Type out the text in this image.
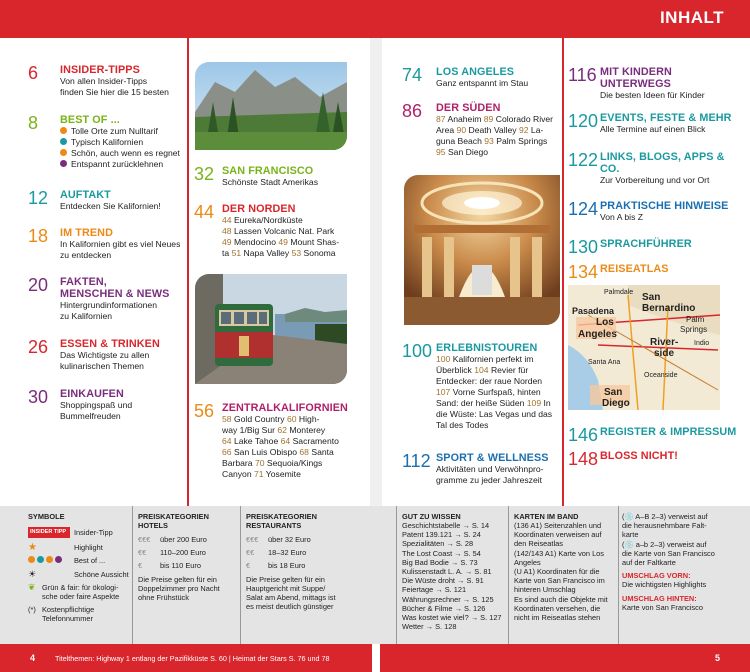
INHALT
6	INSIDER-TIPPS
Von allen Insider-Tipps
finden Sie hier die 15 besten
8	BEST OF ...
Tolle Orte zum Nulltarif
Typisch Kalifornien
Schön, auch wenn es regnet
Entspannt zurücklehnen
12	AUFTAKT
Entdecken Sie Kalifornien!
18	IM TREND
In Kalifornien gibt es viel Neues
zu entdecken
20	FAKTEN,
MENSCHEN & NEWS
Hintergrundinformationen
zu Kalifornien
26	ESSEN & TRINKEN
Das Wichtigste zu allen
kulinarischen Themen
30	EINKAUFEN
Shoppingspaß und
Bummelfreuden
32 SAN FRANCISCO
Schönste Stadt Amerikas
44 DER NORDEN
44 Eureka/Nordküste
48 Lassen Volcanic Nat. Park
49 Mendocino 49 Mount Shas-
ta 51 Napa Valley 53 Sonoma
56 ZENTRALKALIFORNIEN
58 Gold Country 60 High-
way 1/Big Sur 62 Monterey
64 Lake Tahoe 64 Sacramento
66 San Luis Obispo 68 Santa
Barbara 70 Sequoia/Kings
Canyon 71 Yosemite
74	LOS ANGELES
Ganz entspannt im Stau
86	DER SÜDEN
87 Anaheim 89 Colorado River
Area 90 Death Valley 92 La-
guna Beach 93 Palm Springs
95 San Diego
100 ERLEBNISTOUREN
100 Kalifornien perfekt im
Überblick 104 Revier für
Entdecker: der raue Norden
107 Vorne Surfspaß, hinten
Sand: der heiße Süden 109 In
die Wüste: Las Vegas und das
Tal des Todes
112 SPORT & WELLNESS
Aktivitäten und Verwöhnpro-
gramme zu jeder Jahreszeit
116 MIT KINDERN
UNTERWEGS
Die besten Ideen für Kinder
120 EVENTS, FESTE & MEHR
Alle Termine auf einen Blick
122 LINKS, BLOGS, APPS &
CO.
Zur Vorbereitung und vor Ort
124 PRAKTISCHE HINWEISE
Von A bis Z
130 SPRACHFÜHRER
134 REISEATLAS
146 REGISTER & IMPRESSUM
148 BLOSS NICHT!
Palmdale San
Bernardino
Pasadena
Los
Angeles
Palm
Springs
Indio
River-
side
Santa Ana
Oceanside
San
Diego
SYMBOLE
INSIDER TIPP	Insider-Tipp
★	Highlight
Best of ...
☀	Schöne Aussicht
❦ Grün & fair: für ökologi-
sche oder faire Aspekte
(*) Kostenpflichtige
Telefonnummer
PREISKATEGORIEN
HOTELS
€€€	über 200 Euro
€€	110–200 Euro
€	bis 110 Euro
Die Preise gelten für ein
Doppelzimmer pro Nacht
ohne Frühstück
PREISKATEGORIEN
RESTAURANTS
€€€	über 32 Euro
€€	18–32 Euro
€	bis 18 Euro
Die Preise gelten für ein
Hauptgericht mit Suppe/
Salat am Abend, mittags ist
es meist deutlich günstiger
GUT ZU WISSEN
Geschichtstabelle → S. 14
Patent 139.121 → S. 24
Spezialitäten → S. 28
The Lost Coast → S. 54
Big Bad Bodie → S. 73
Kulissenstadt L. A. → S. 81
Die Wüste droht → S. 91
Feiertage → S. 121
Währungsrechner → S. 125
Bücher & Filme → S. 126
Was kostet wie viel? → S. 127
Wetter → S. 128
KARTEN IM BAND
(136 A1) Seitenzahlen und
Koordinaten verweisen auf
den Reiseatlas
(142/143 A1) Karte von Los
Angeles
(U A1) Koordinaten für die
Karte von San Francisco im
hinteren Umschlag
Es sind auch die Objekte mit
Koordinaten versehen, die
nicht im Reiseatlas stehen
(💿 A–B 2–3) verweist auf
die herausnehmbare Falt-
karte
(💿 a–b 2–3) verweist auf
die Karte von San Francisco
auf der Faltkarte
UMSCHLAG VORN:
Die wichtigsten Highlights
UMSCHLAG HINTEN:
Karte von San Francisco
4	Titelthemen: Highway 1 entlang der Pazifikküste S. 60 | Heimat der Stars S. 76 und 78	5
